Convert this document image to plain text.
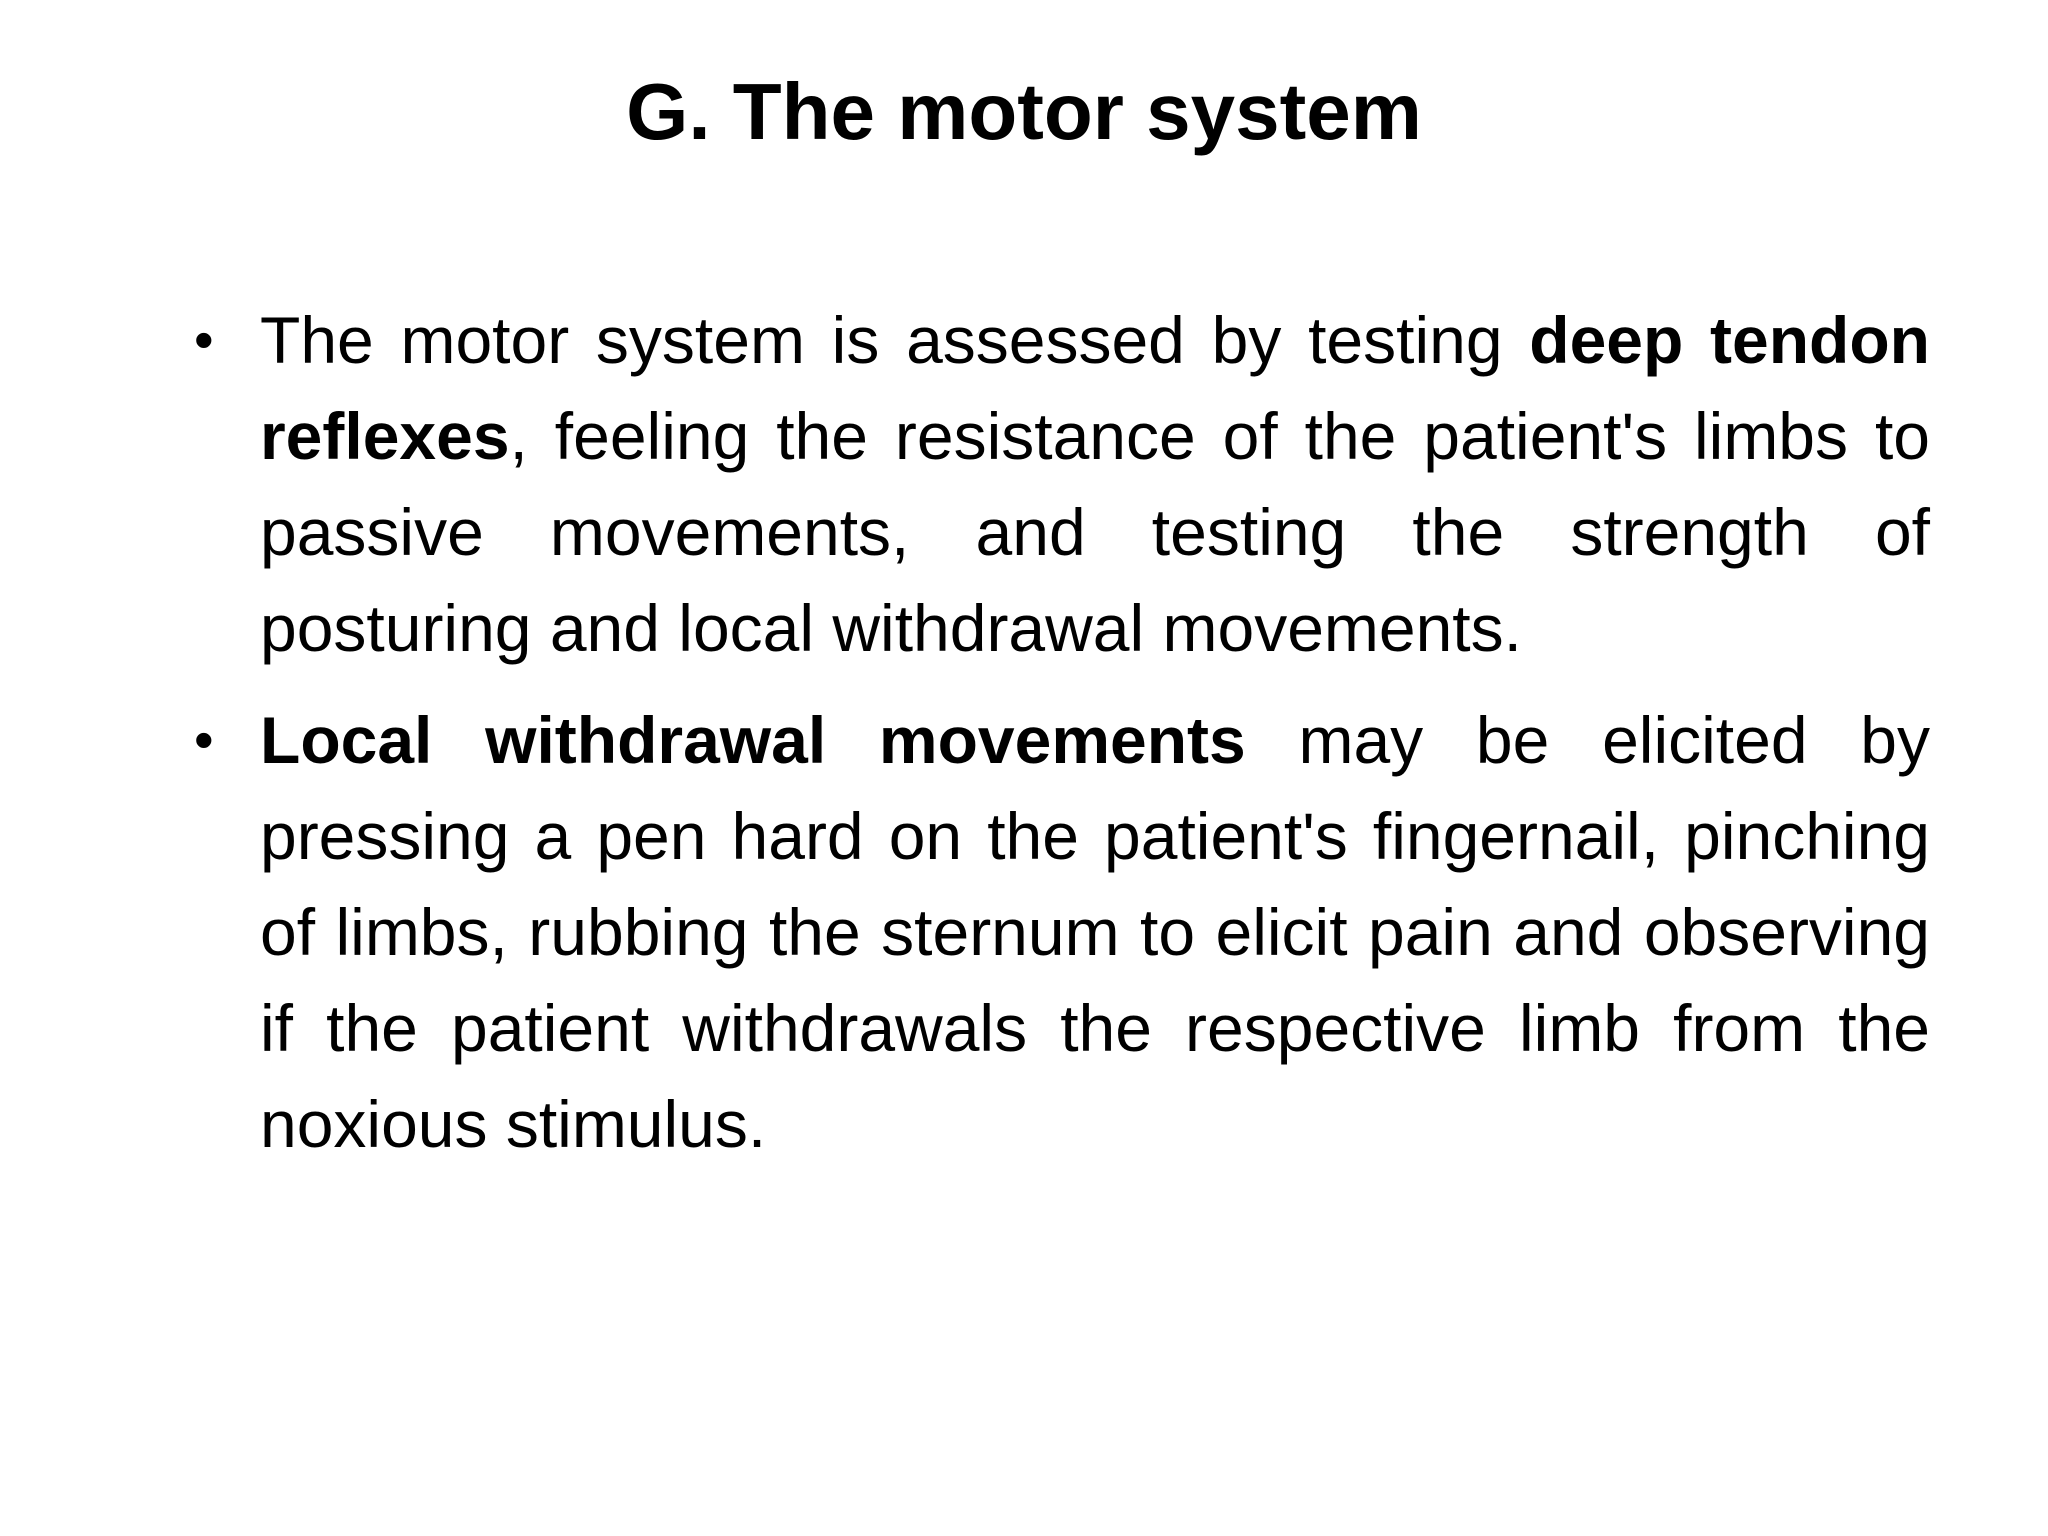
G. The motor system
• The motor system is assessed by testing deep tendon reflexes, feeling the resistance of the patient's limbs to passive movements, and testing the strength of posturing and local withdrawal movements.
• Local withdrawal movements may be elicited by pressing a pen hard on the patient's fingernail, pinching of limbs, rubbing the sternum to elicit pain and observing if the patient withdrawals the respective limb from the noxious stimulus.
